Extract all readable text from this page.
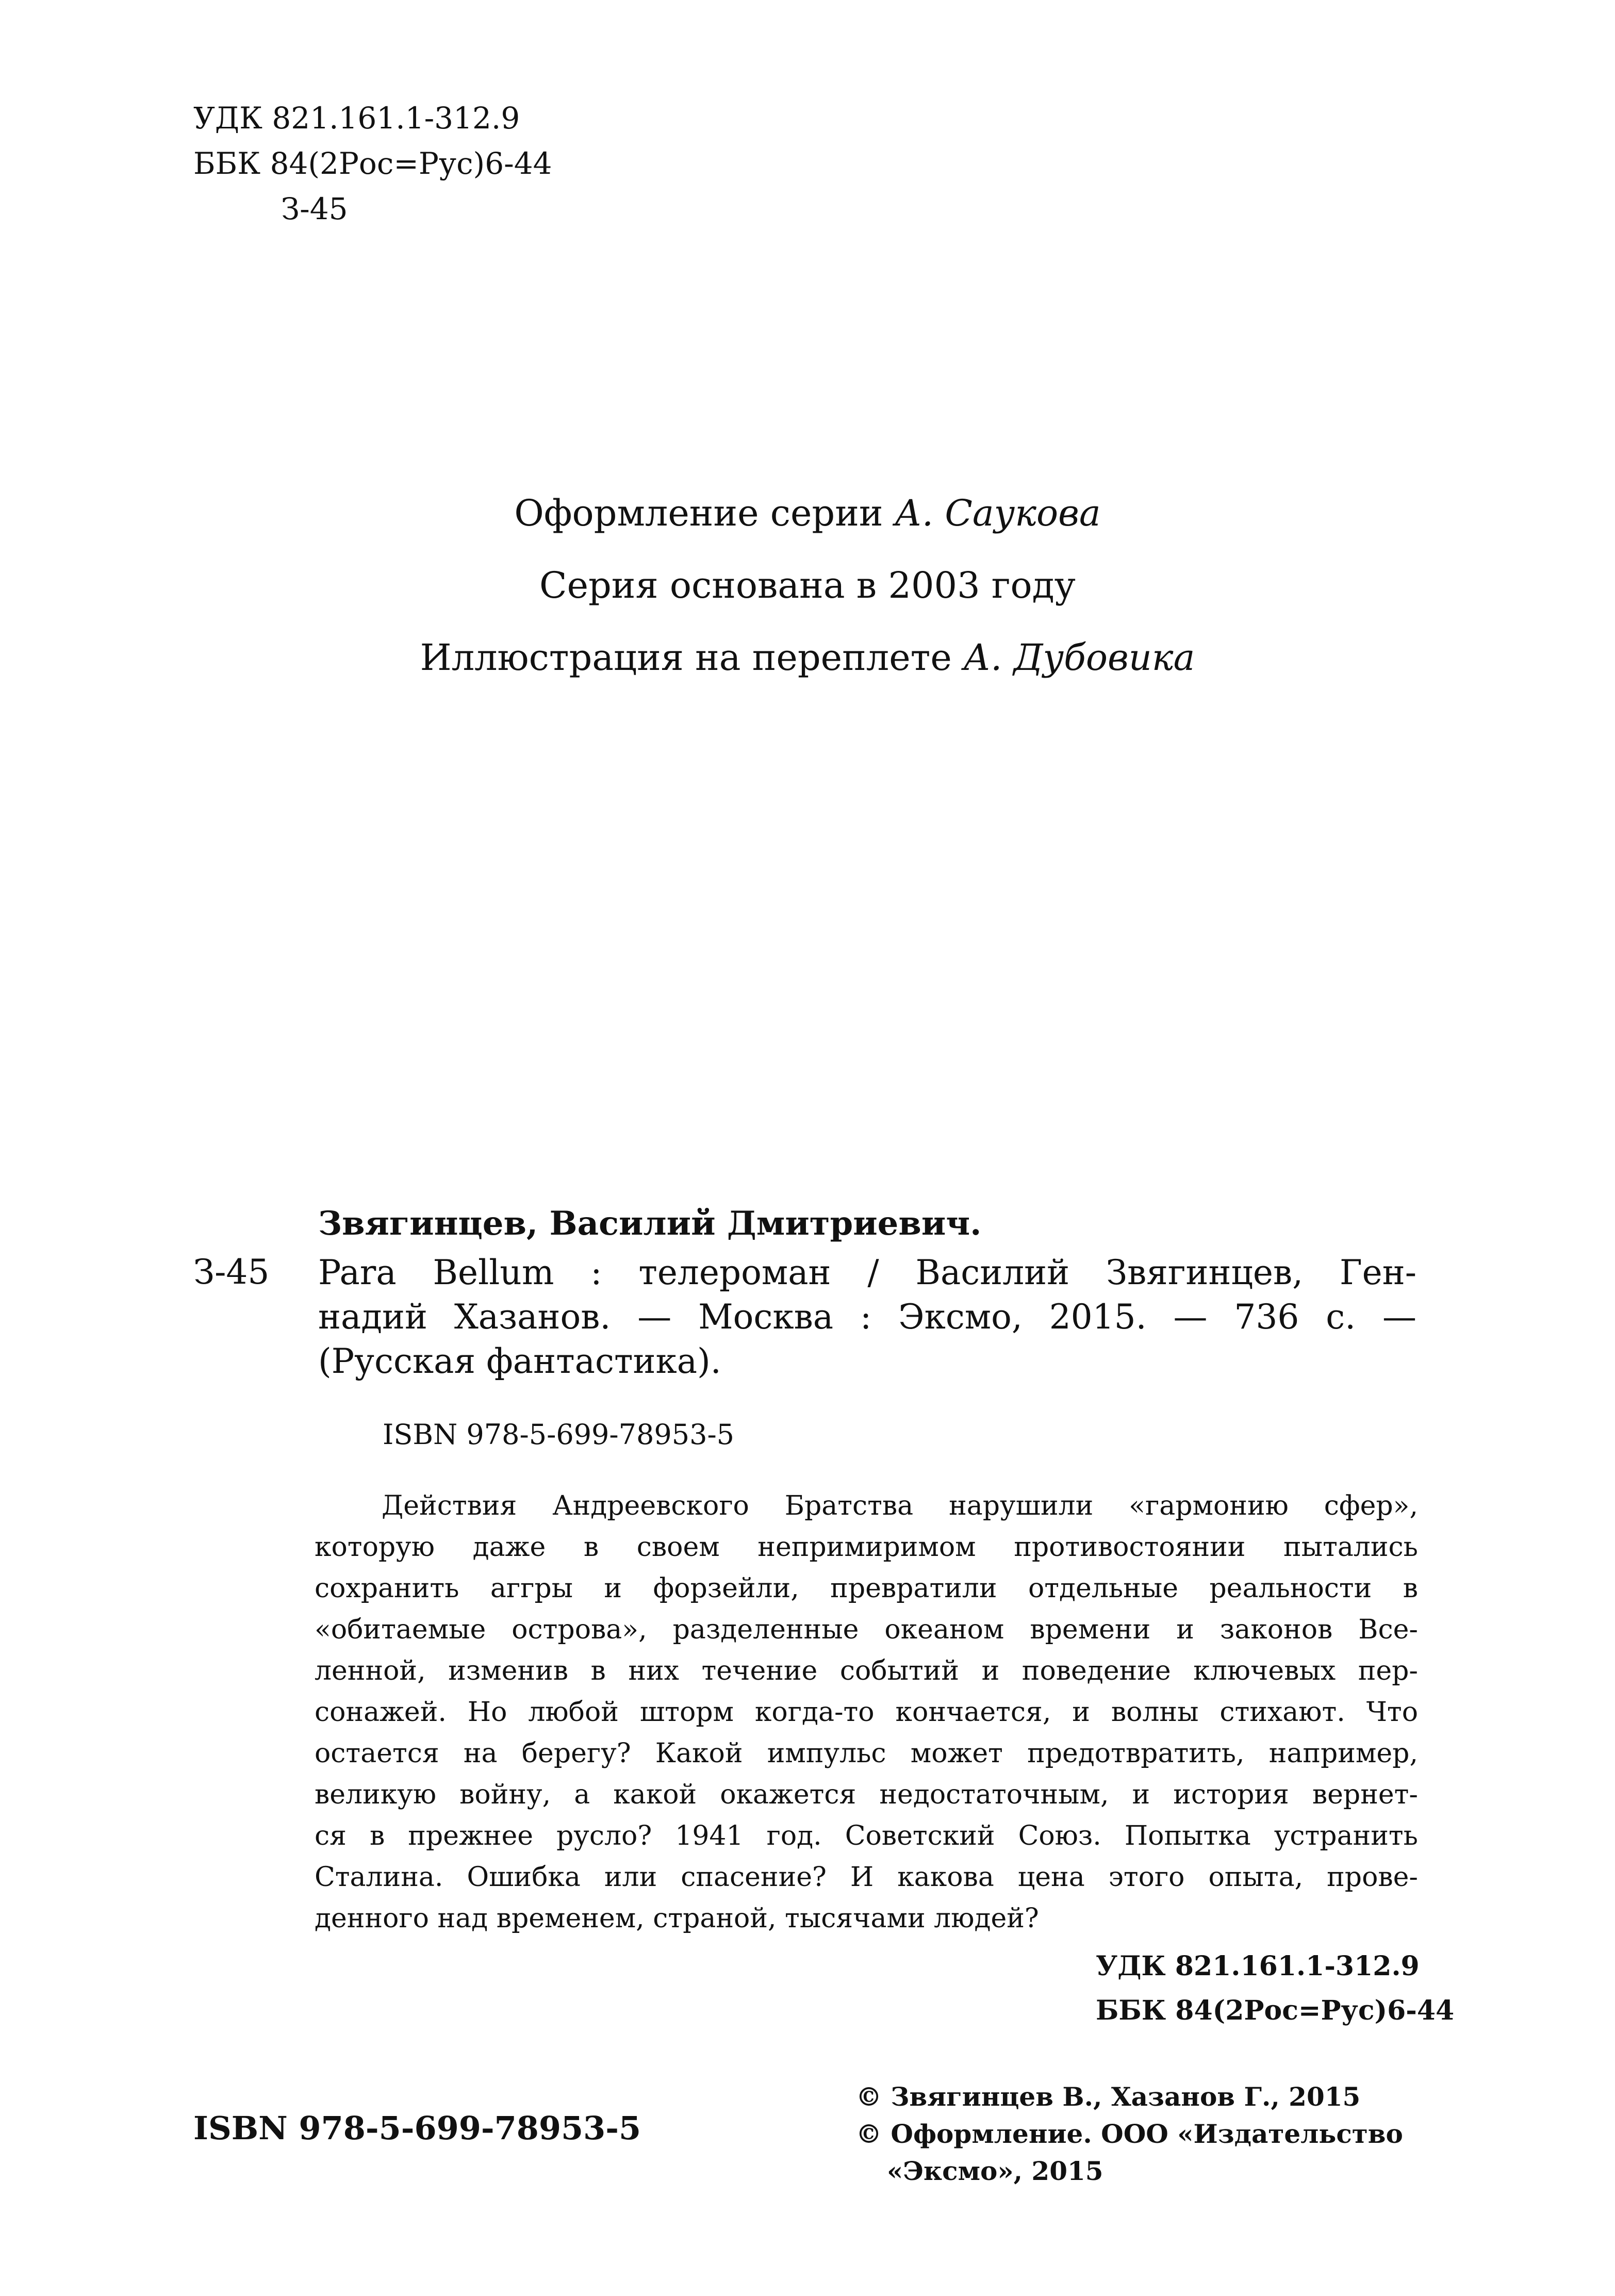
УДК 821.161.1-312.9
ББК 84(2Рос=Рус)6-44
З-45
Оформление серии А. Саукова
Серия основана в 2003 году
Иллюстрация на переплете А. Дубовика
Звягинцев, Василий Дмитриевич.
З-45 Para Bellum : телероман / Василий Звягинцев, Ген-
надий Хазанов. — Москва : Эксмо, 2015. — 736 с. —
(Русская фантастика).
ISBN 978-5-699-78953-5
Действия Андреевского Братства нарушили «гармонию сфер»,
которую даже в своем непримиримом противостоянии пытались
сохранить аггры и форзейли, превратили отдельные реальности в
«обитаемые острова», разделенные океаном времени и законов Все-
ленной, изменив в них течение событий и поведение ключевых пер-
сонажей. Но любой шторм когда-то кончается, и волны стихают. Что
остается на берегу? Какой импульс может предотвратить, например,
великую войну, а какой окажется недостаточным, и история вернет-
ся в прежнее русло? 1941 год. Советский Союз. Попытка устранить
Сталина. Ошибка или спасение? И какова цена этого опыта, прове-
денного над временем, страной, тысячами людей?
УДК 821.161.1-312.9
ББК 84(2Рос=Рус)6-44
ISBN 978-5-699-78953-5
© Звягинцев В., Хазанов Г., 2015
© Оформление. ООО «Издательство
«Эксмо», 2015
